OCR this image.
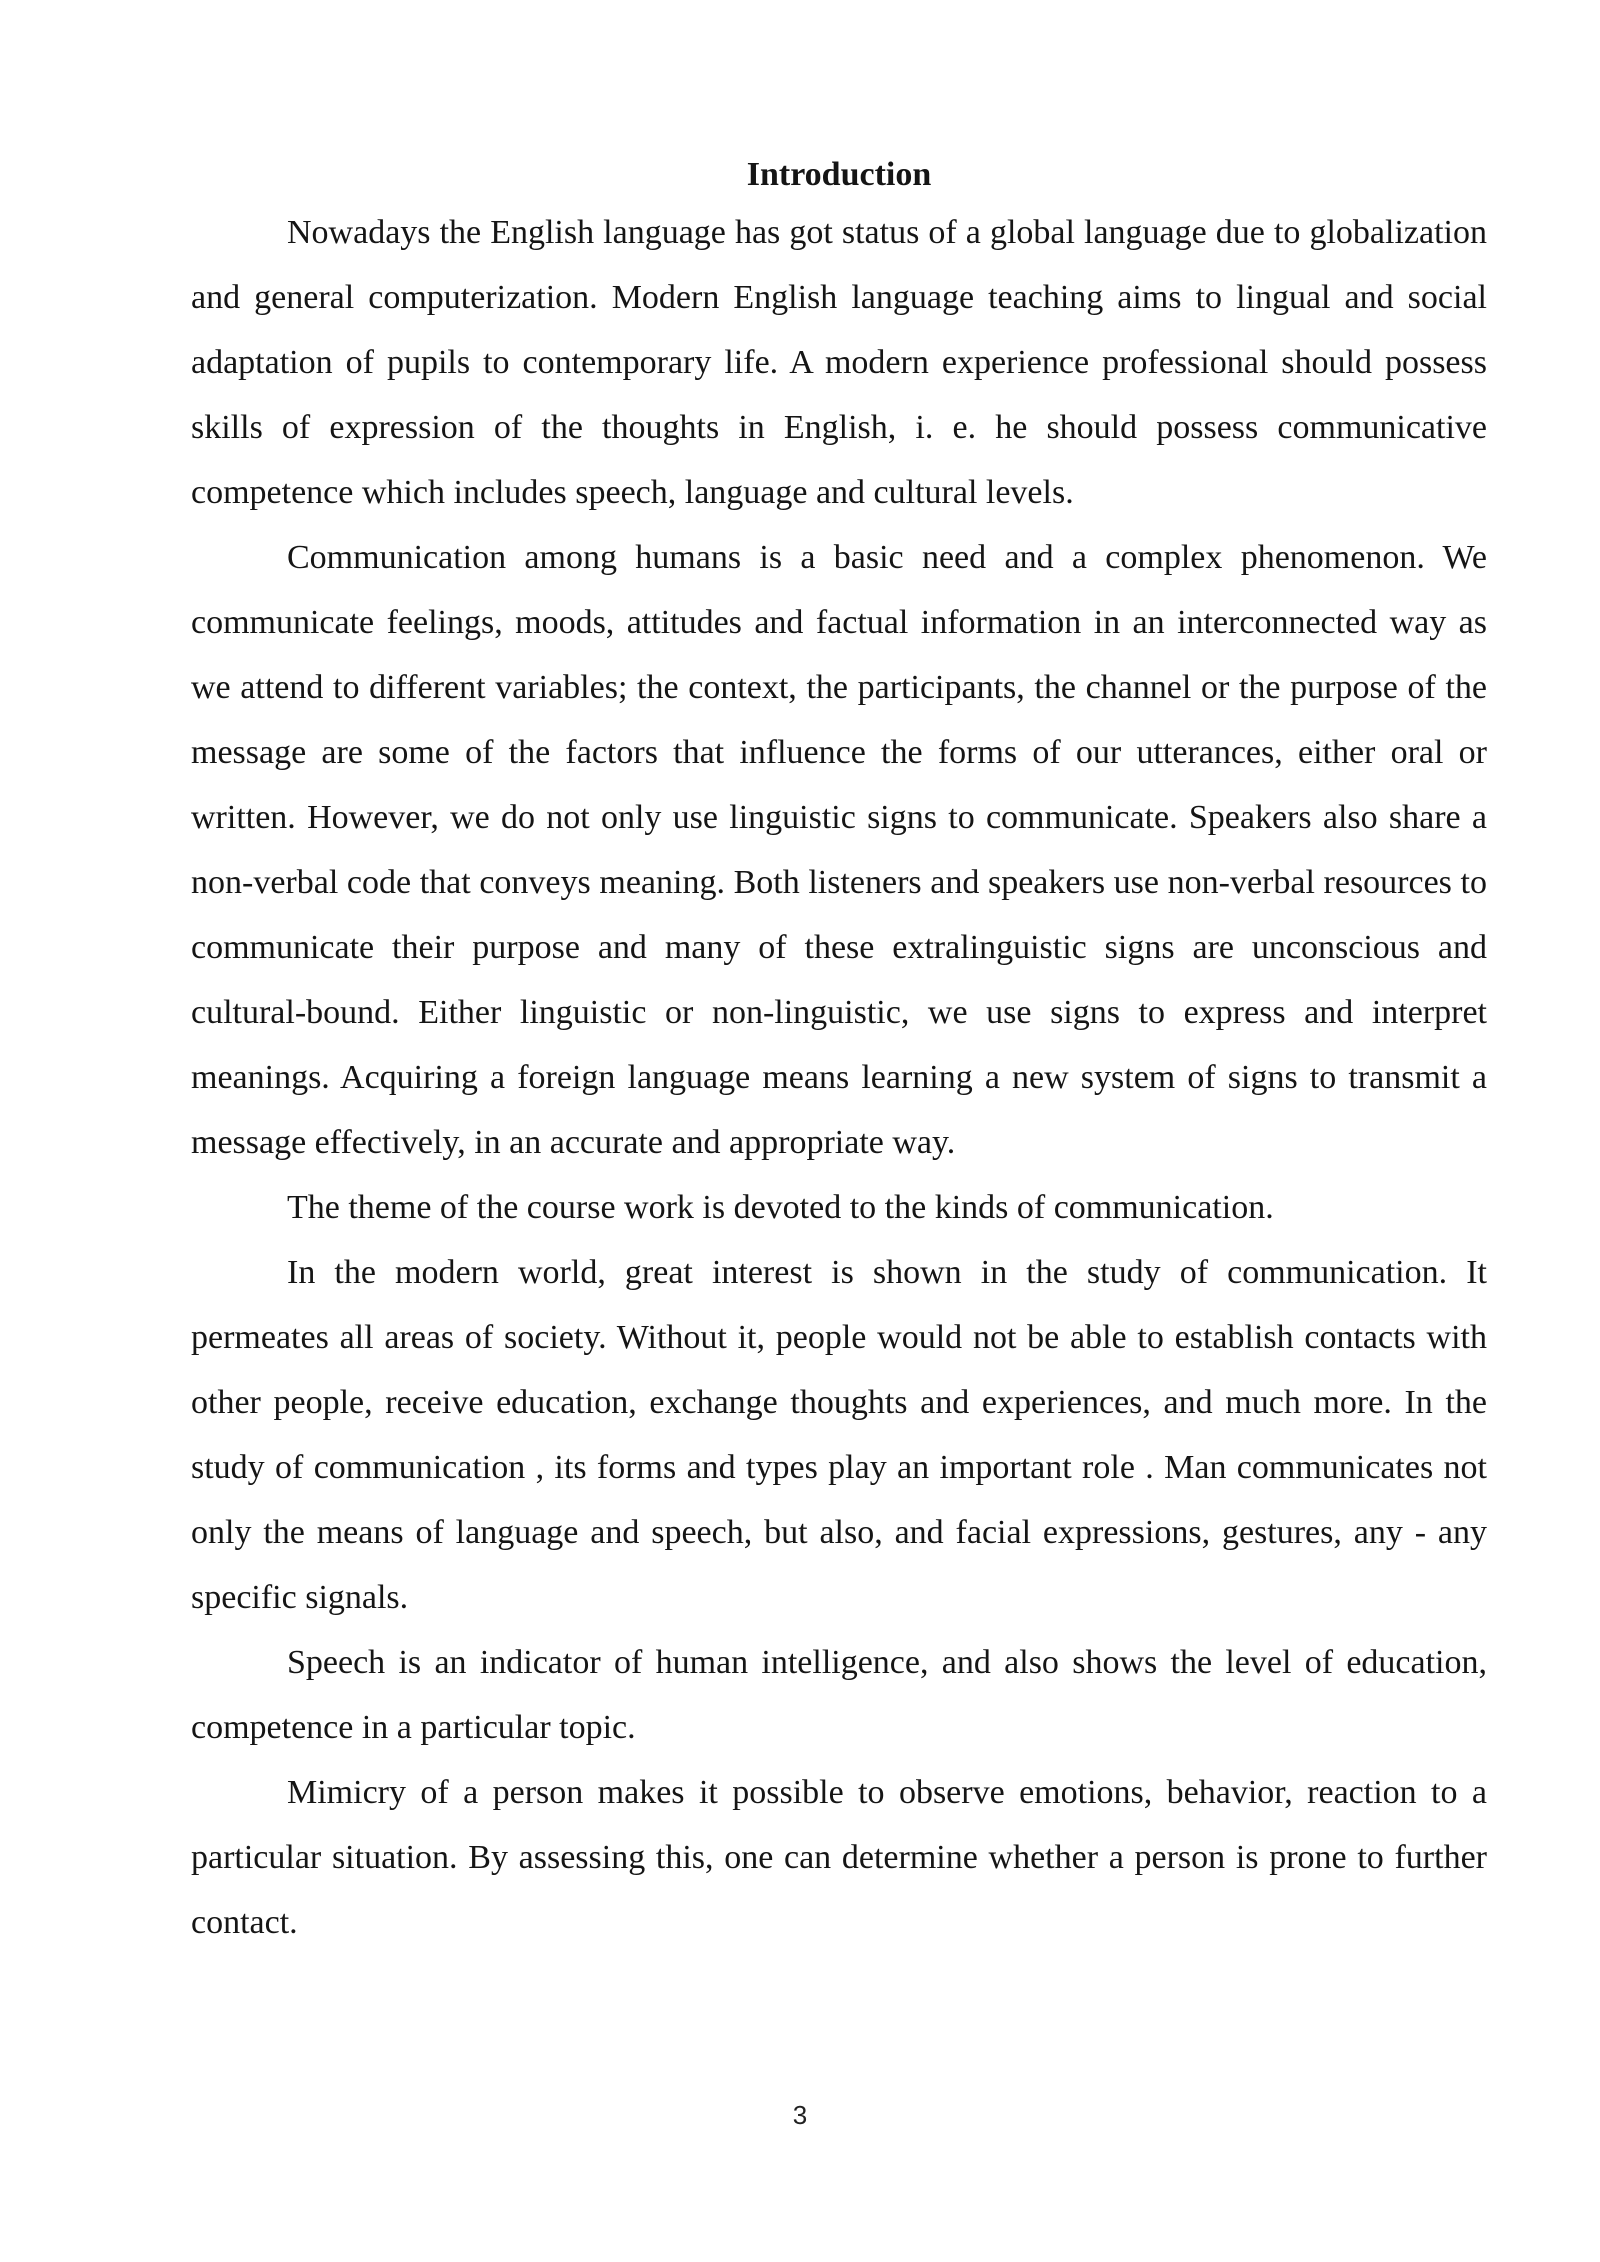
Introduction

Nowadays the English language has got status of a global language due to globalization and general computerization. Modern English language teaching aims to lingual and social adaptation of pupils to contemporary life. A modern experience professional should possess skills of expression of the thoughts in English, i. e. he should possess communicative competence which includes speech, language and cultural levels.

Communication among humans is a basic need and a complex phenomenon. We communicate feelings, moods, attitudes and factual information in an interconnected way as we attend to different variables; the context, the participants, the channel or the purpose of the message are some of the factors that influence the forms of our utterances, either oral or written. However, we do not only use linguistic signs to communicate. Speakers also share a non-verbal code that conveys meaning. Both listeners and speakers use non-verbal resources to communicate their purpose and many of these extralinguistic signs are unconscious and cultural-bound. Either linguistic or non-linguistic, we use signs to express and interpret meanings. Acquiring a foreign language means learning a new system of signs to transmit a message effectively, in an accurate and appropriate way.

The theme of the course work is devoted to the kinds of communication.

In the modern world, great interest is shown in the study of communication. It permeates all areas of society. Without it, people would not be able to establish contacts with other people, receive education, exchange thoughts and experiences, and much more. In the study of communication , its forms and types play an important role . Man communicates not only the means of language and speech, but also, and facial expressions, gestures, any - any specific signals.

Speech is an indicator of human intelligence, and also shows the level of education, competence in a particular topic.

Mimicry of a person makes it possible to observe emotions, behavior, reaction to a particular situation. By assessing this, one can determine whether a person is prone to further contact.

3
